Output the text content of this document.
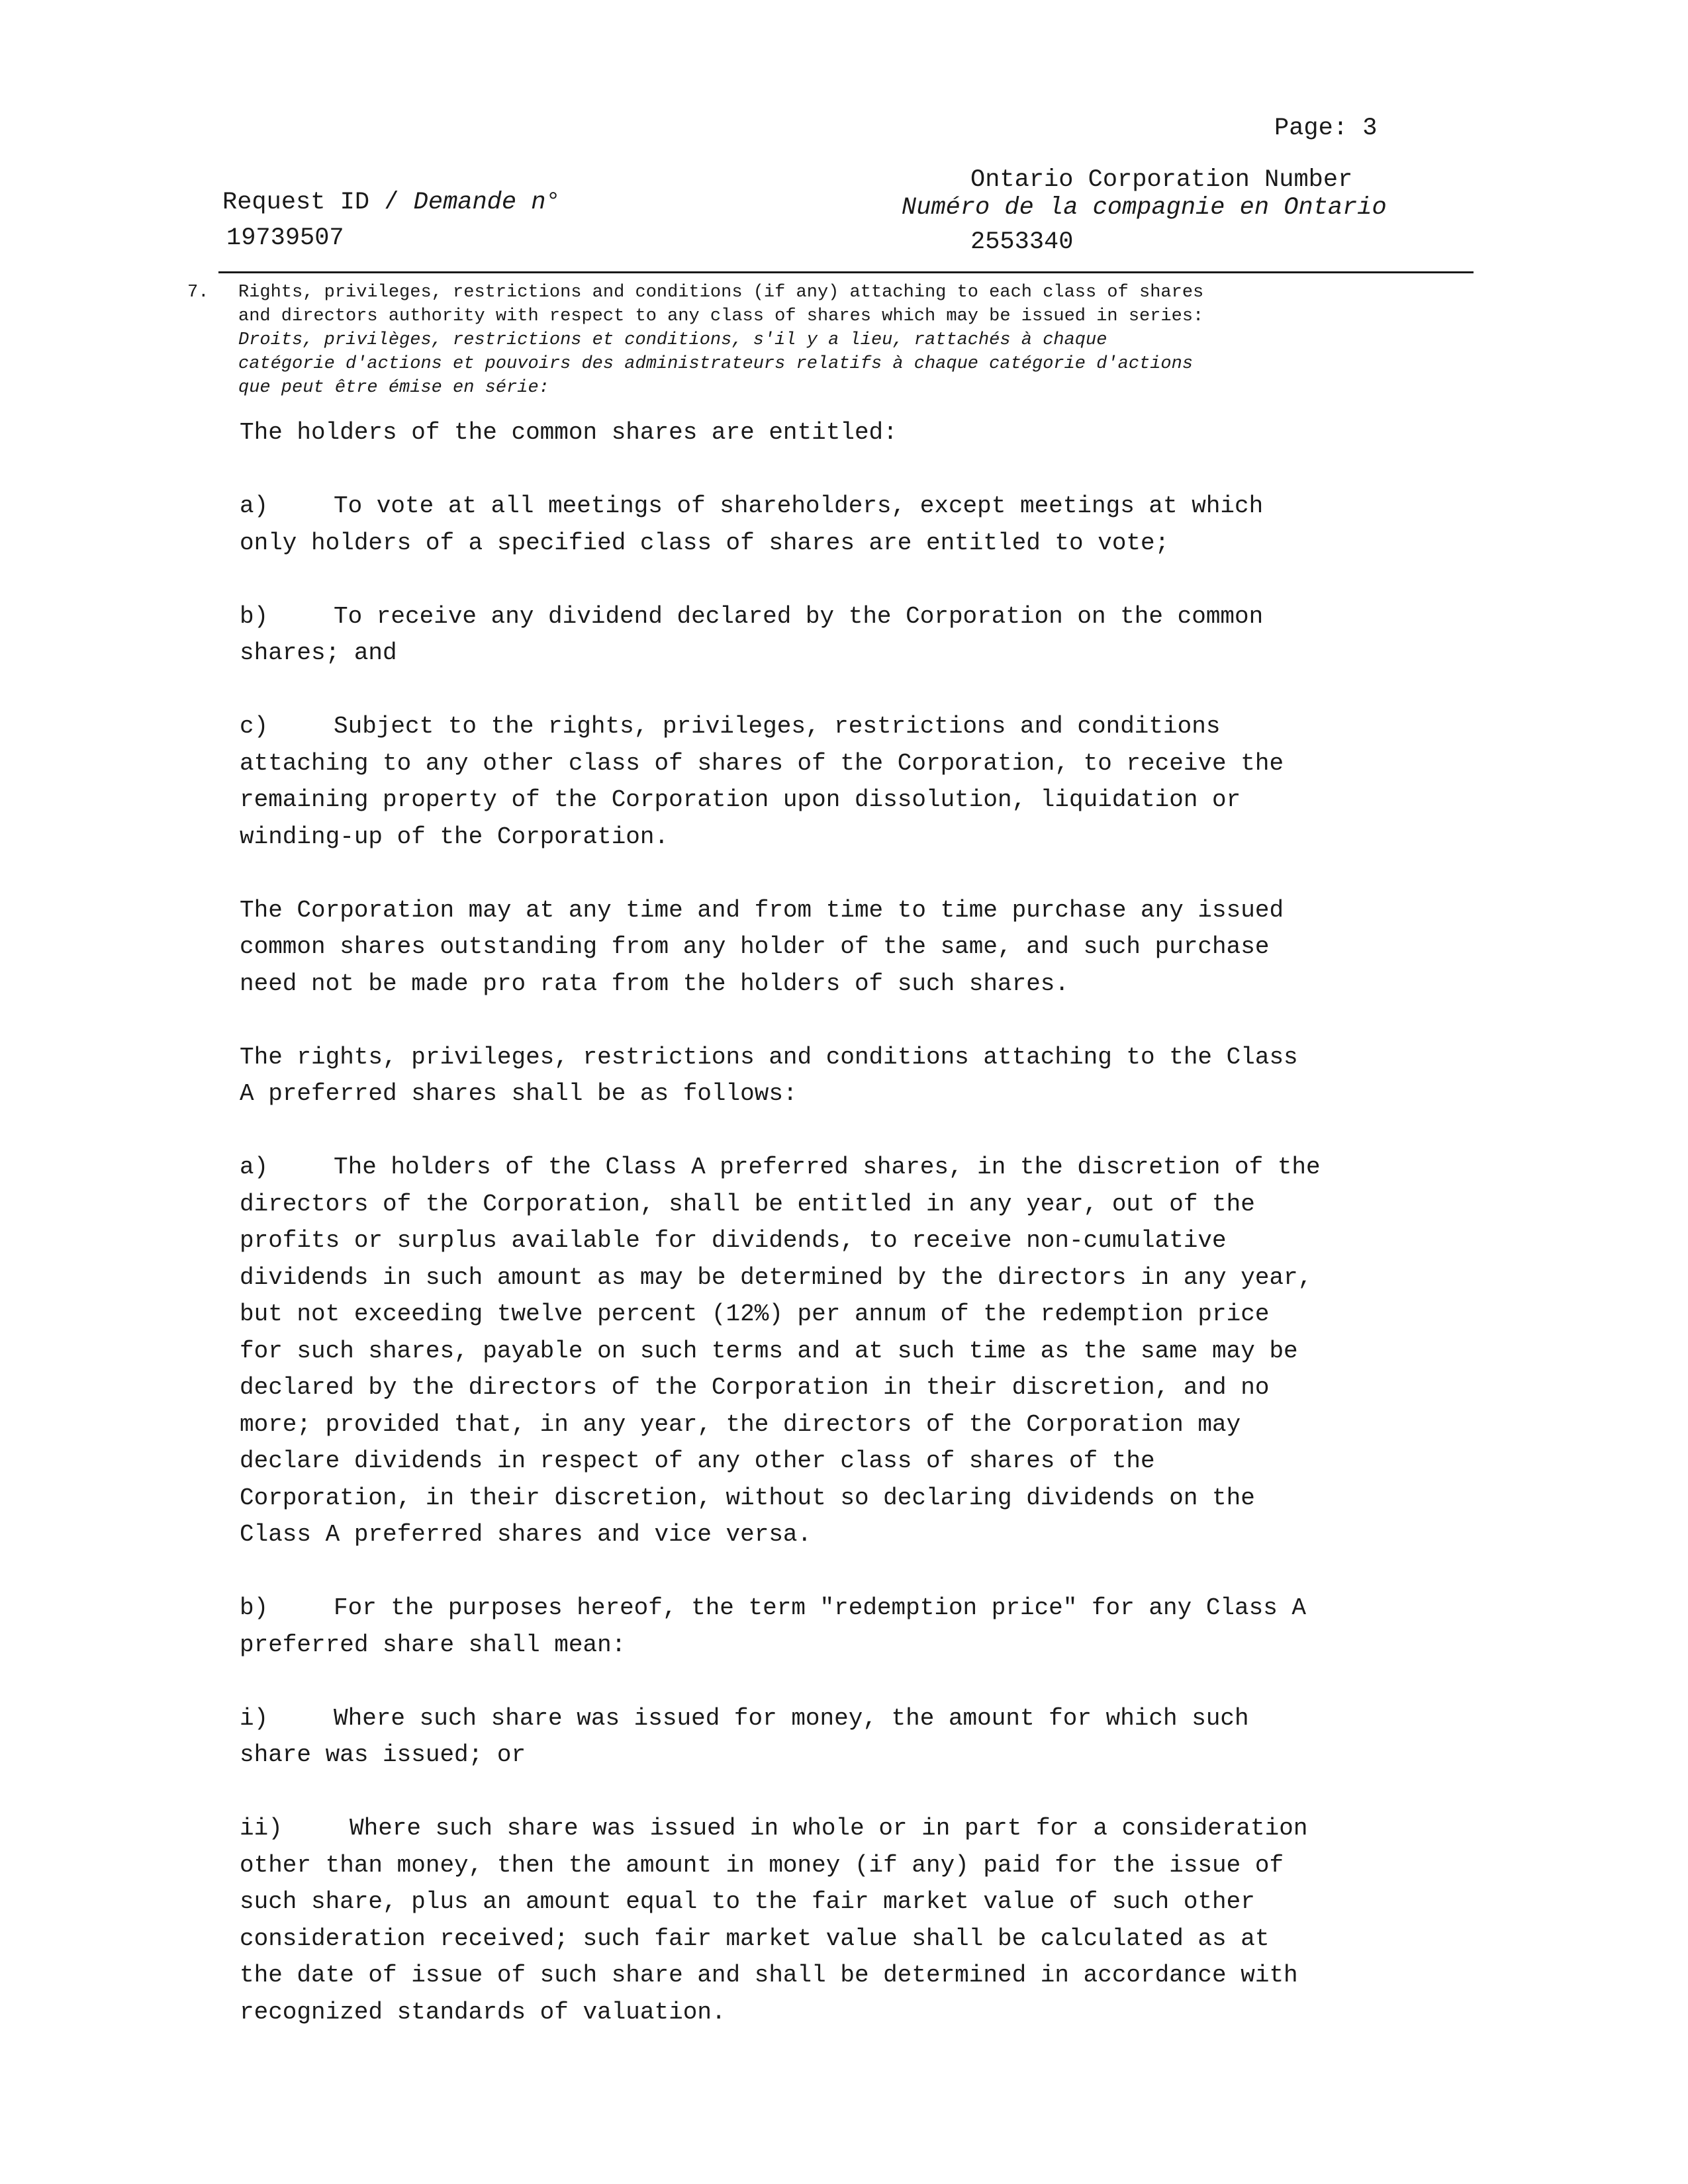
Page: 3
Request ID / Demande n°
19739507
Ontario Corporation Number
Numéro de la compagnie en Ontario
2553340
7. Rights, privileges, restrictions and conditions (if any) attaching to each class of shares
and directors authority with respect to any class of shares which may be issued in series:
Droits, privilèges, restrictions et conditions, s'il y a lieu, rattachés à chaque
catégorie d'actions et pouvoirs des administrateurs relatifs à chaque catégorie d'actions
que peut être émise en série:
The holders of the common shares are entitled:
a)	To vote at all meetings of shareholders, except meetings at which
only holders of a specified class of shares are entitled to vote;
b)	To receive any dividend declared by the Corporation on the common
shares; and
c)	Subject to the rights, privileges, restrictions and conditions
attaching to any other class of shares of the Corporation, to receive the
remaining property of the Corporation upon dissolution, liquidation or
winding-up of the Corporation.
The Corporation may at any time and from time to time purchase any issued
common shares outstanding from any holder of the same, and such purchase
need not be made pro rata from the holders of such shares.
The rights, privileges, restrictions and conditions attaching to the Class
A preferred shares shall be as follows:
a)	The holders of the Class A preferred shares, in the discretion of the
directors of the Corporation, shall be entitled in any year, out of the
profits or surplus available for dividends, to receive non-cumulative
dividends in such amount as may be determined by the directors in any year,
but not exceeding twelve percent (12%) per annum of the redemption price
for such shares, payable on such terms and at such time as the same may be
declared by the directors of the Corporation in their discretion, and no
more; provided that, in any year, the directors of the Corporation may
declare dividends in respect of any other class of shares of the
Corporation, in their discretion, without so declaring dividends on the
Class A preferred shares and vice versa.
b)	For the purposes hereof, the term "redemption price" for any Class A
preferred share shall mean:
i)	Where such share was issued for money, the amount for which such
share was issued; or
ii)	Where such share was issued in whole or in part for a consideration
other than money, then the amount in money (if any) paid for the issue of
such share, plus an amount equal to the fair market value of such other
consideration received; such fair market value shall be calculated as at
the date of issue of such share and shall be determined in accordance with
recognized standards of valuation.
